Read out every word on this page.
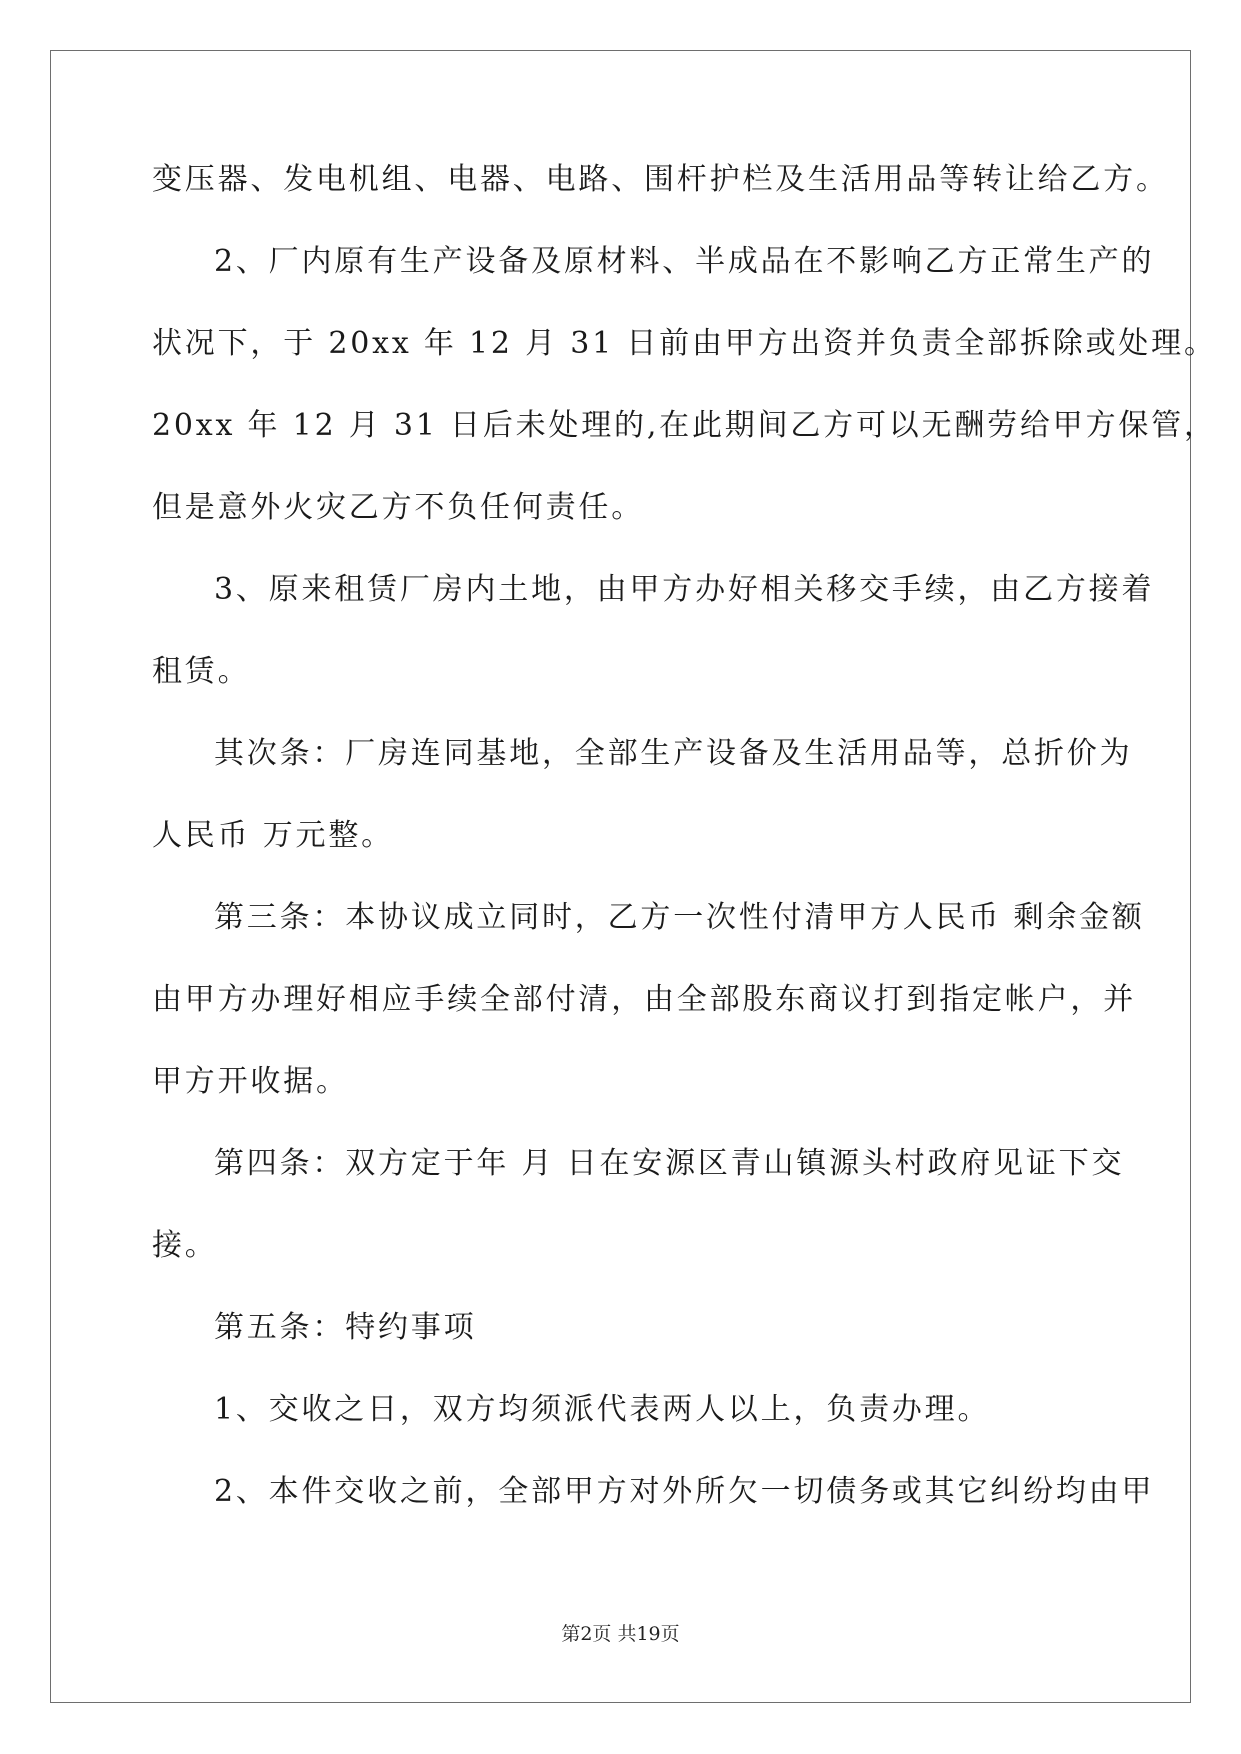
变压器、发电机组、电器、电路、围杆护栏及生活用品等转让给乙方。
2、厂内原有生产设备及原材料、半成品在不影响乙方正常生产的
状况下，于 20xx 年 12 月 31 日前由甲方出资并负责全部拆除或处理。
20xx 年 12 月 31 日后未处理的,在此期间乙方可以无酬劳给甲方保管，
但是意外火灾乙方不负任何责任。
3、原来租赁厂房内土地，由甲方办好相关移交手续，由乙方接着
租赁。
其次条：厂房连同基地，全部生产设备及生活用品等，总折价为
人民币 万元整。
第三条：本协议成立同时，乙方一次性付清甲方人民币 剩余金额
由甲方办理好相应手续全部付清，由全部股东商议打到指定帐户，并
甲方开收据。
第四条：双方定于年 月 日在安源区青山镇源头村政府见证下交
接。
第五条：特约事项
1、交收之日，双方均须派代表两人以上，负责办理。
2、本件交收之前，全部甲方对外所欠一切债务或其它纠纷均由甲
第2页 共19页
